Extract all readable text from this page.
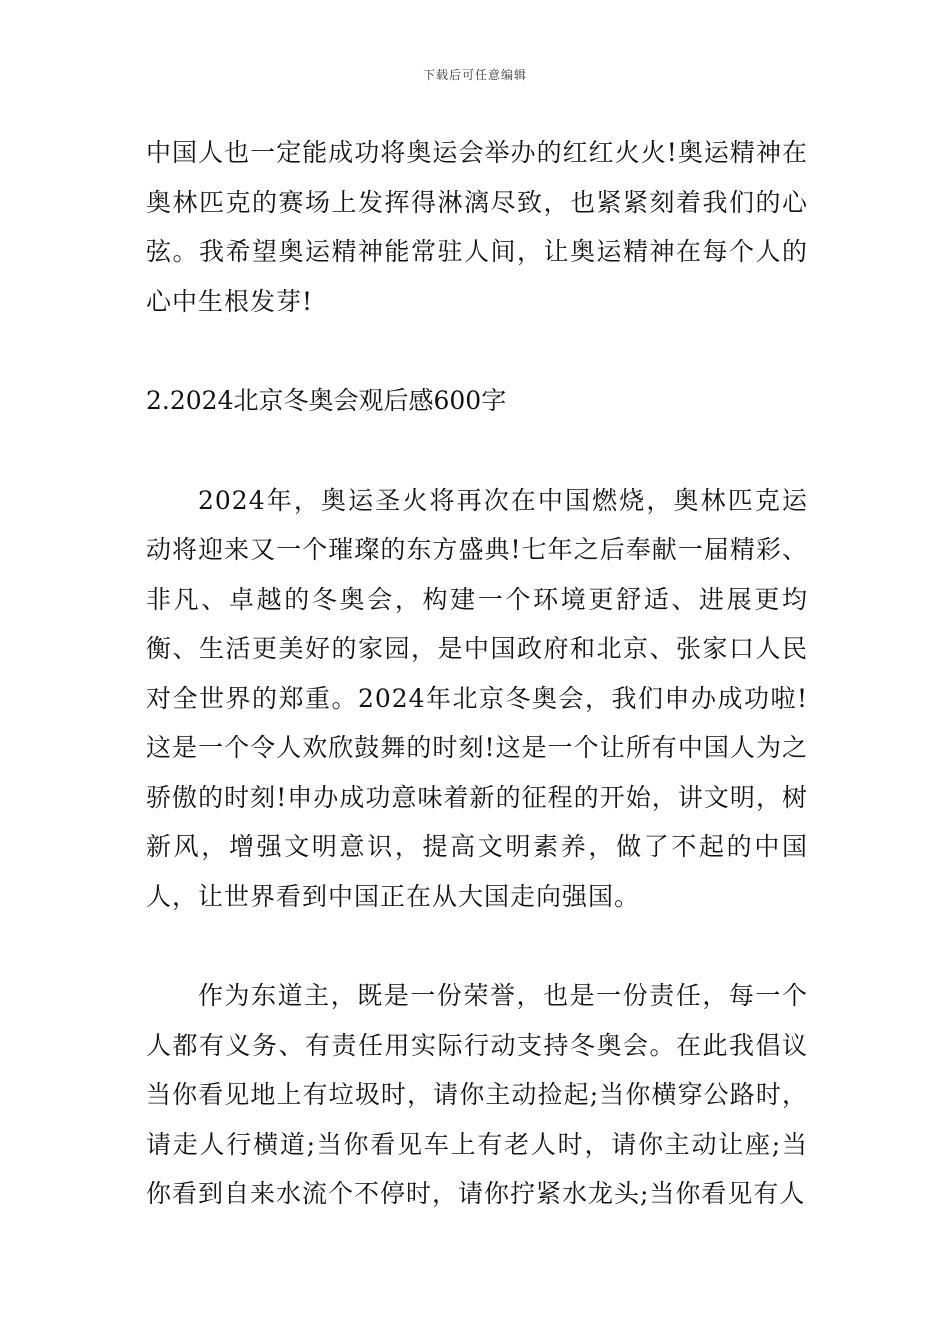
下载后可任意编辑

中国人也一定能成功将奥运会举办的红红火火!奥运精神在奥林匹克的赛场上发挥得淋漓尽致，也紧紧刻着我们的心弦。我希望奥运精神能常驻人间，让奥运精神在每个人的心中生根发芽!

2.2024北京冬奥会观后感600字

2024年，奥运圣火将再次在中国燃烧，奥林匹克运动将迎来又一个璀璨的东方盛典!七年之后奉献一届精彩、非凡、卓越的冬奥会，构建一个环境更舒适、进展更均衡、生活更美好的家园，是中国政府和北京、张家口人民对全世界的郑重。2024年北京冬奥会，我们申办成功啦!这是一个令人欢欣鼓舞的时刻!这是一个让所有中国人为之骄傲的时刻!申办成功意味着新的征程的开始，讲文明，树新风，增强文明意识，提高文明素养，做了不起的中国人，让世界看到中国正在从大国走向强国。

作为东道主，既是一份荣誉，也是一份责任，每一个人都有义务、有责任用实际行动支持冬奥会。在此我倡议当你看见地上有垃圾时，请你主动捡起;当你横穿公路时，请走人行横道;当你看见车上有老人时，请你主动让座;当你看到自来水流个不停时，请你拧紧水龙头;当你看见有人
